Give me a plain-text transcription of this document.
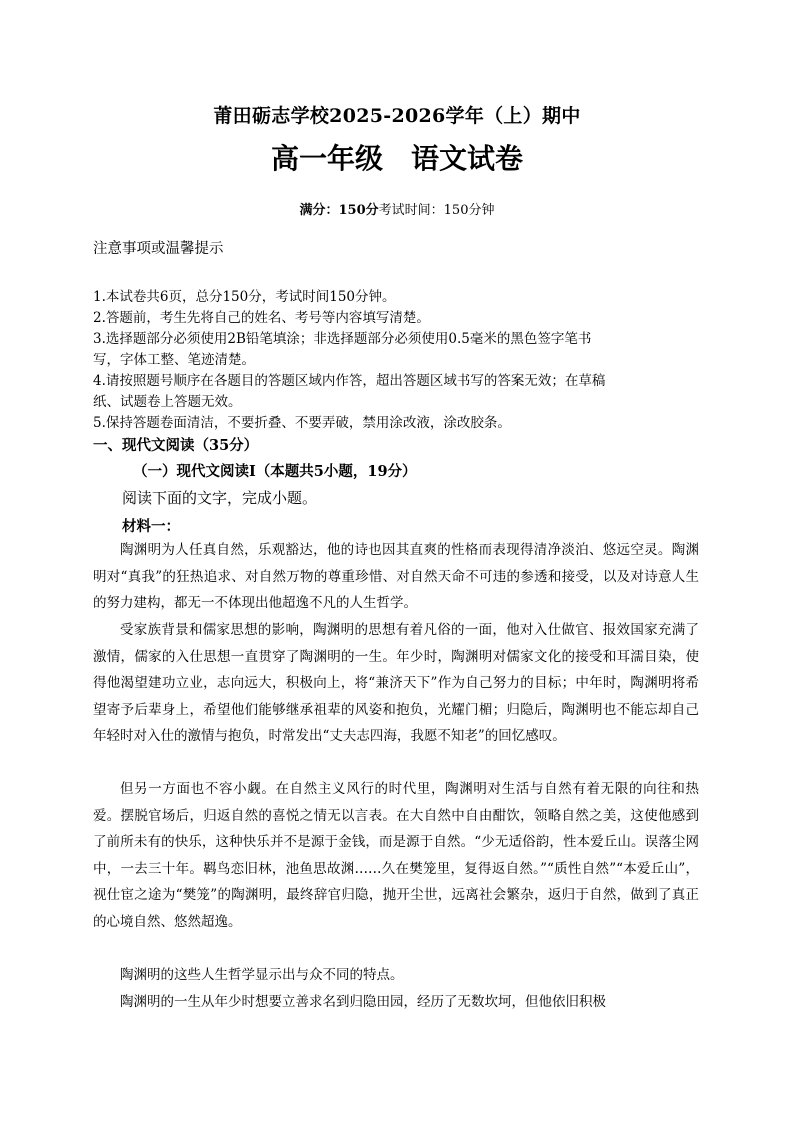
莆田砺志学校2025-2026学年（上）期中
高一年级 语文试卷
满分：150分考试时间：150分钟
注意事项或温馨提示
1.本试卷共6页，总分150分，考试时间150分钟。
2.答题前，考生先将自己的姓名、考号等内容填写清楚。
3.选择题部分必须使用2B铅笔填涂；非选择题部分必须使用0.5毫米的黑色签字笔书
写，字体工整、笔迹清楚。
4.请按照题号顺序在各题目的答题区域内作答，超出答题区域书写的答案无效；在草稿
纸、试题卷上答题无效。
5.保持答题卷面清洁，不要折叠、不要弄破，禁用涂改液，涂改胶条。
一、现代文阅读（35分）
（一）现代文阅读Ⅰ（本题共5小题，19分）
阅读下面的文字，完成小题。
材料一：

陶渊明为人任真自然，乐观豁达，他的诗也因其直爽的性格而表现得清净淡泊、悠远空灵。陶渊明对“真我”的狂热追求、对自然万物的尊重珍惜、对自然天命不可违的参透和接受，以及对诗意人生的努力建构，都无一不体现出他超逸不凡的人生哲学。

受家族背景和儒家思想的影响，陶渊明的思想有着凡俗的一面，他对入仕做官、报效国家充满了激情，儒家的入仕思想一直贯穿了陶渊明的一生。年少时，陶渊明对儒家文化的接受和耳濡目染，使得他渴望建功立业，志向远大，积极向上，将“兼济天下”作为自己努力的目标；中年时，陶渊明将希望寄予后辈身上，希望他们能够继承祖辈的风姿和抱负，光耀门楣；归隐后，陶渊明也不能忘却自己年轻时对入仕的激情与抱负，时常发出“丈夫志四海，我愿不知老”的回忆感叹。

但另一方面也不容小觑。在自然主义风行的时代里，陶渊明对生活与自然有着无限的向往和热爱。摆脱官场后，归返自然的喜悦之情无以言表。在大自然中自由酣饮，领略自然之美，这使他感到了前所未有的快乐，这种快乐并不是源于金钱，而是源于自然。“少无适俗韵，性本爱丘山。误落尘网中，一去三十年。羁鸟恋旧林，池鱼思故渊……久在樊笼里，复得返自然。”“质性自然”“本爱丘山”，视仕宦之途为“樊笼”的陶渊明，最终辞官归隐，抛开尘世，远离社会繁杂，返归于自然，做到了真正的心境自然、悠然超逸。

陶渊明的这些人生哲学显示出与众不同的特点。

陶渊明的一生从年少时想要立善求名到归隐田园，经历了无数坎坷，但他依旧积极
